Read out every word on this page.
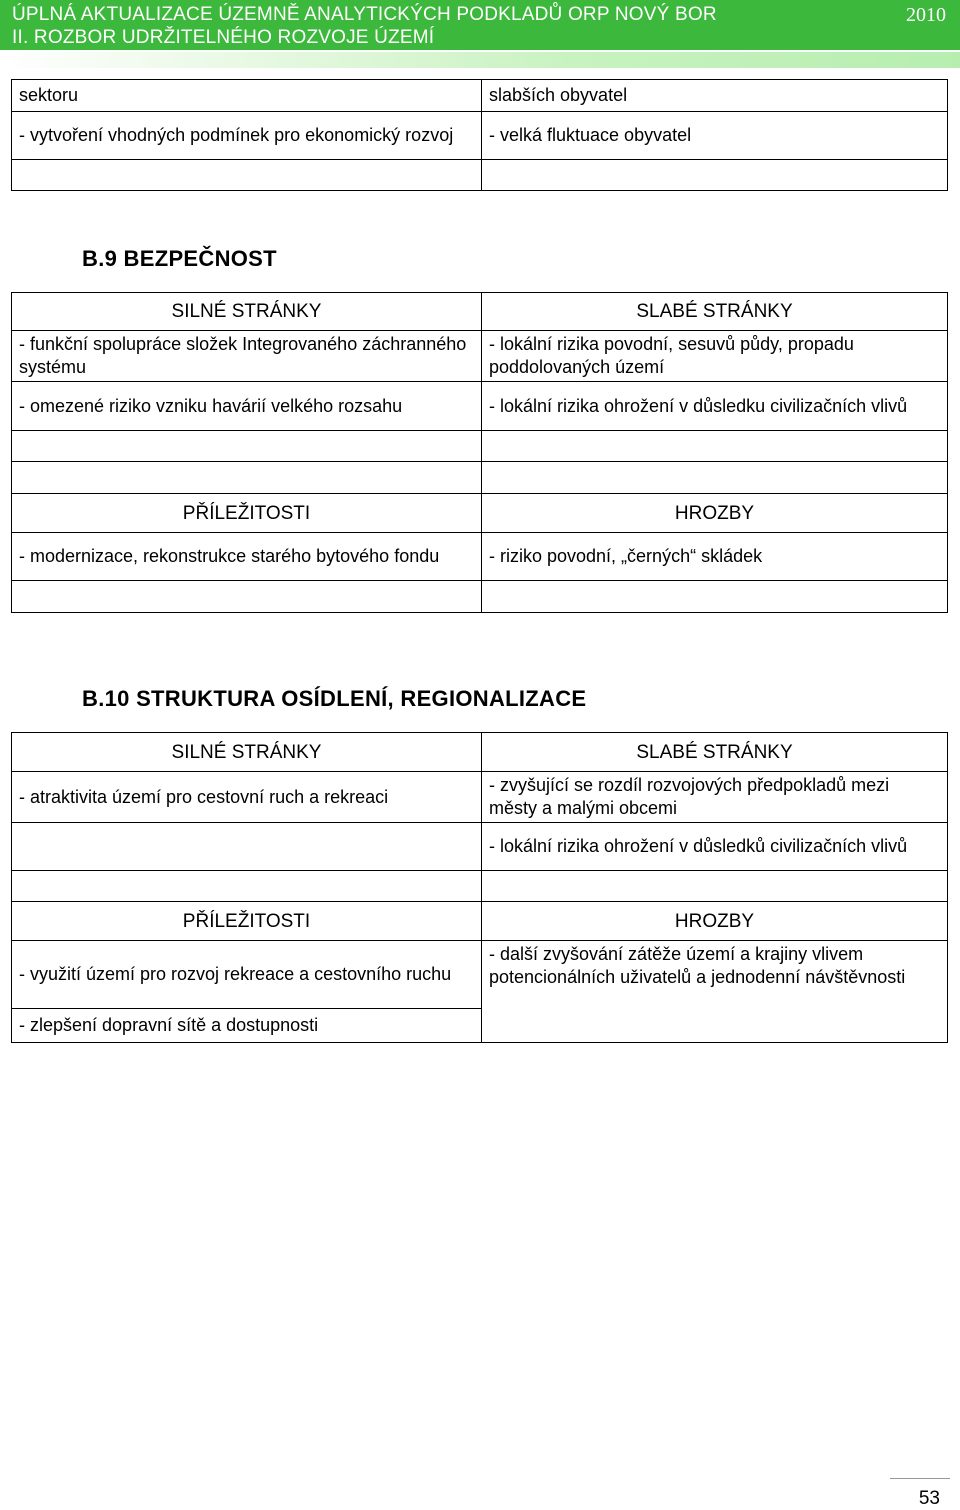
ÚPLNÁ AKTUALIZACE ÚZEMNĚ ANALYTICKÝCH PODKLADŮ ORP NOVÝ BOR
II. ROZBOR UDRŽITELNÉHO ROZVOJE ÚZEMÍ
2010
sektoru	slabších obyvatel
- vytvoření vhodných podmínek pro ekonomický rozvoj	- velká fluktuace obyvatel

B.9 BEZPEČNOST
SILNÉ STRÁNKY	SLABÉ STRÁNKY
- funkční spolupráce složek Integrovaného záchranného systému	- lokální rizika povodní, sesuvů půdy, propadu poddolovaných území
- omezené riziko vzniku havárií velkého rozsahu	- lokální rizika ohrožení v důsledku civilizačních vlivů

PŘÍLEŽITOSTI	HROZBY
- modernizace, rekonstrukce starého bytového fondu	- riziko povodní, „černých“ skládek

B.10 STRUKTURA OSÍDLENÍ, REGIONALIZACE
SILNÉ STRÁNKY	SLABÉ STRÁNKY
- atraktivita území pro cestovní ruch a rekreaci	- zvyšující se rozdíl rozvojových předpokladů mezi městy a malými obcemi
	- lokální rizika ohrožení v důsledků civilizačních vlivů

PŘÍLEŽITOSTI	HROZBY
- využití území pro rozvoj rekreace a cestovního ruchu	- další zvyšování zátěže území a krajiny vlivem potencionálních uživatelů a jednodenní návštěvnosti
- zlepšení dopravní sítě a dostupnosti	
53
